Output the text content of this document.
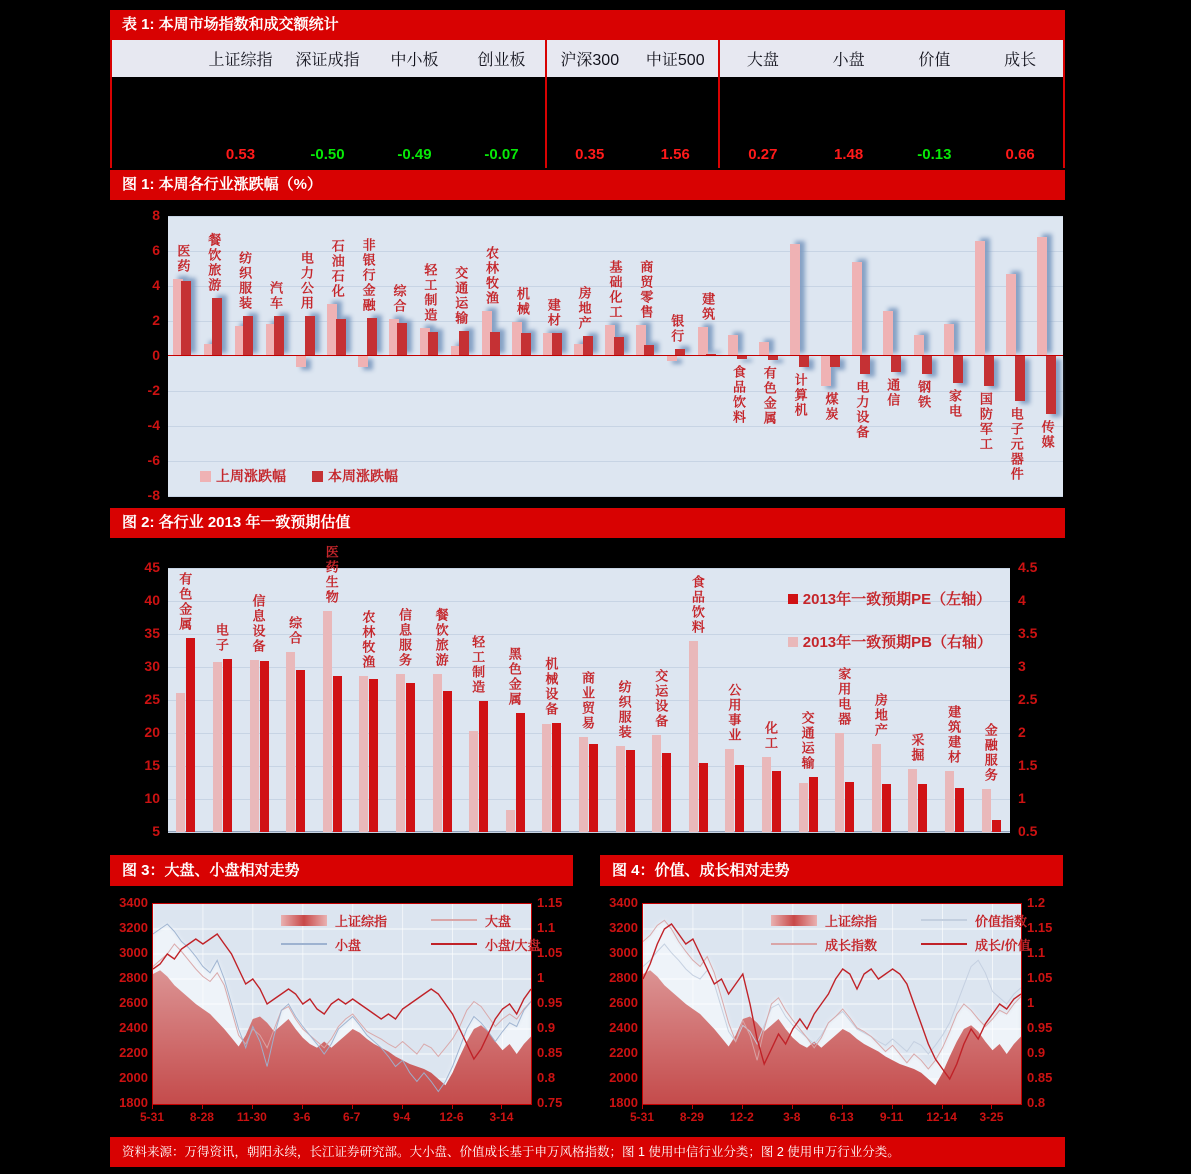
表 1: 本周市场指数和成交额统计
上证综指
0.53
深证成指
-0.50
中小板
-0.49
创业板
-0.07
沪深300
0.35
中证500
1.56
大盘
0.27
小盘
1.48
价值
-0.13
成长
0.66
图 1: 本周各行业涨跌幅（%）
医药 餐饮旅游 纺织服装 汽车 电力公用 石油石化 非银行金融 综合 轻工制造 交通运输 农林牧渔 机械 建材 房地产 基础化工 商贸零售
银行
建筑
食品饮料 有色金属 计算机 煤炭 电力设备 通信 钢铁 家电 国防军工 电子元器件 传媒
上周涨跌幅	本周涨跌幅
8
6
4
2
0
-2
-4
-6
-8
图 2: 各行业 2013 年一致预期估值
有色金属
电子 信息设备 综合
医药生物
农林牧渔 信息服务 餐饮旅游 轻工制造 黑色金属 机械设备 商业贸易 纺织服装 交运设备
食品饮料
公用事业 化工 交通运输
家用电器 房地产
采掘 建筑建材 金融服务
2013年一致预期PE（左轴）
2013年一致预期PB（右轴）
45
40
35
30
25
20
15
10
5
4.5
4
3.5
3
2.5
2
1.5
1
0.5
图 3：大盘、小盘相对走势
上证综指	大盘
小盘	小盘/大盘
3400
3200
3000
2800
2600
2400
2200
2000
1800
1.15
1.1
1.05
1
0.95
0.9
0.85
0.8
0.75
5-31	8-28	11-30	3-6	6-7	9-4	12-6	3-14
图 4：价值、成长相对走势
上证综指	价值指数
成长指数	成长/价值
3400
3200
3000
2800
2600
2400
2200
2000
1800
1.2
1.15
1.1
1.05
1
0.95
0.9
0.85
0.8
5-31	8-29	12-2	3-8	6-13	9-11	12-14	3-25
资料来源：万得资讯，朝阳永续，长江证券研究部。大小盘、价值成长基于申万风格指数；图 1 使用中信行业分类；图 2 使用申万行业分类。
